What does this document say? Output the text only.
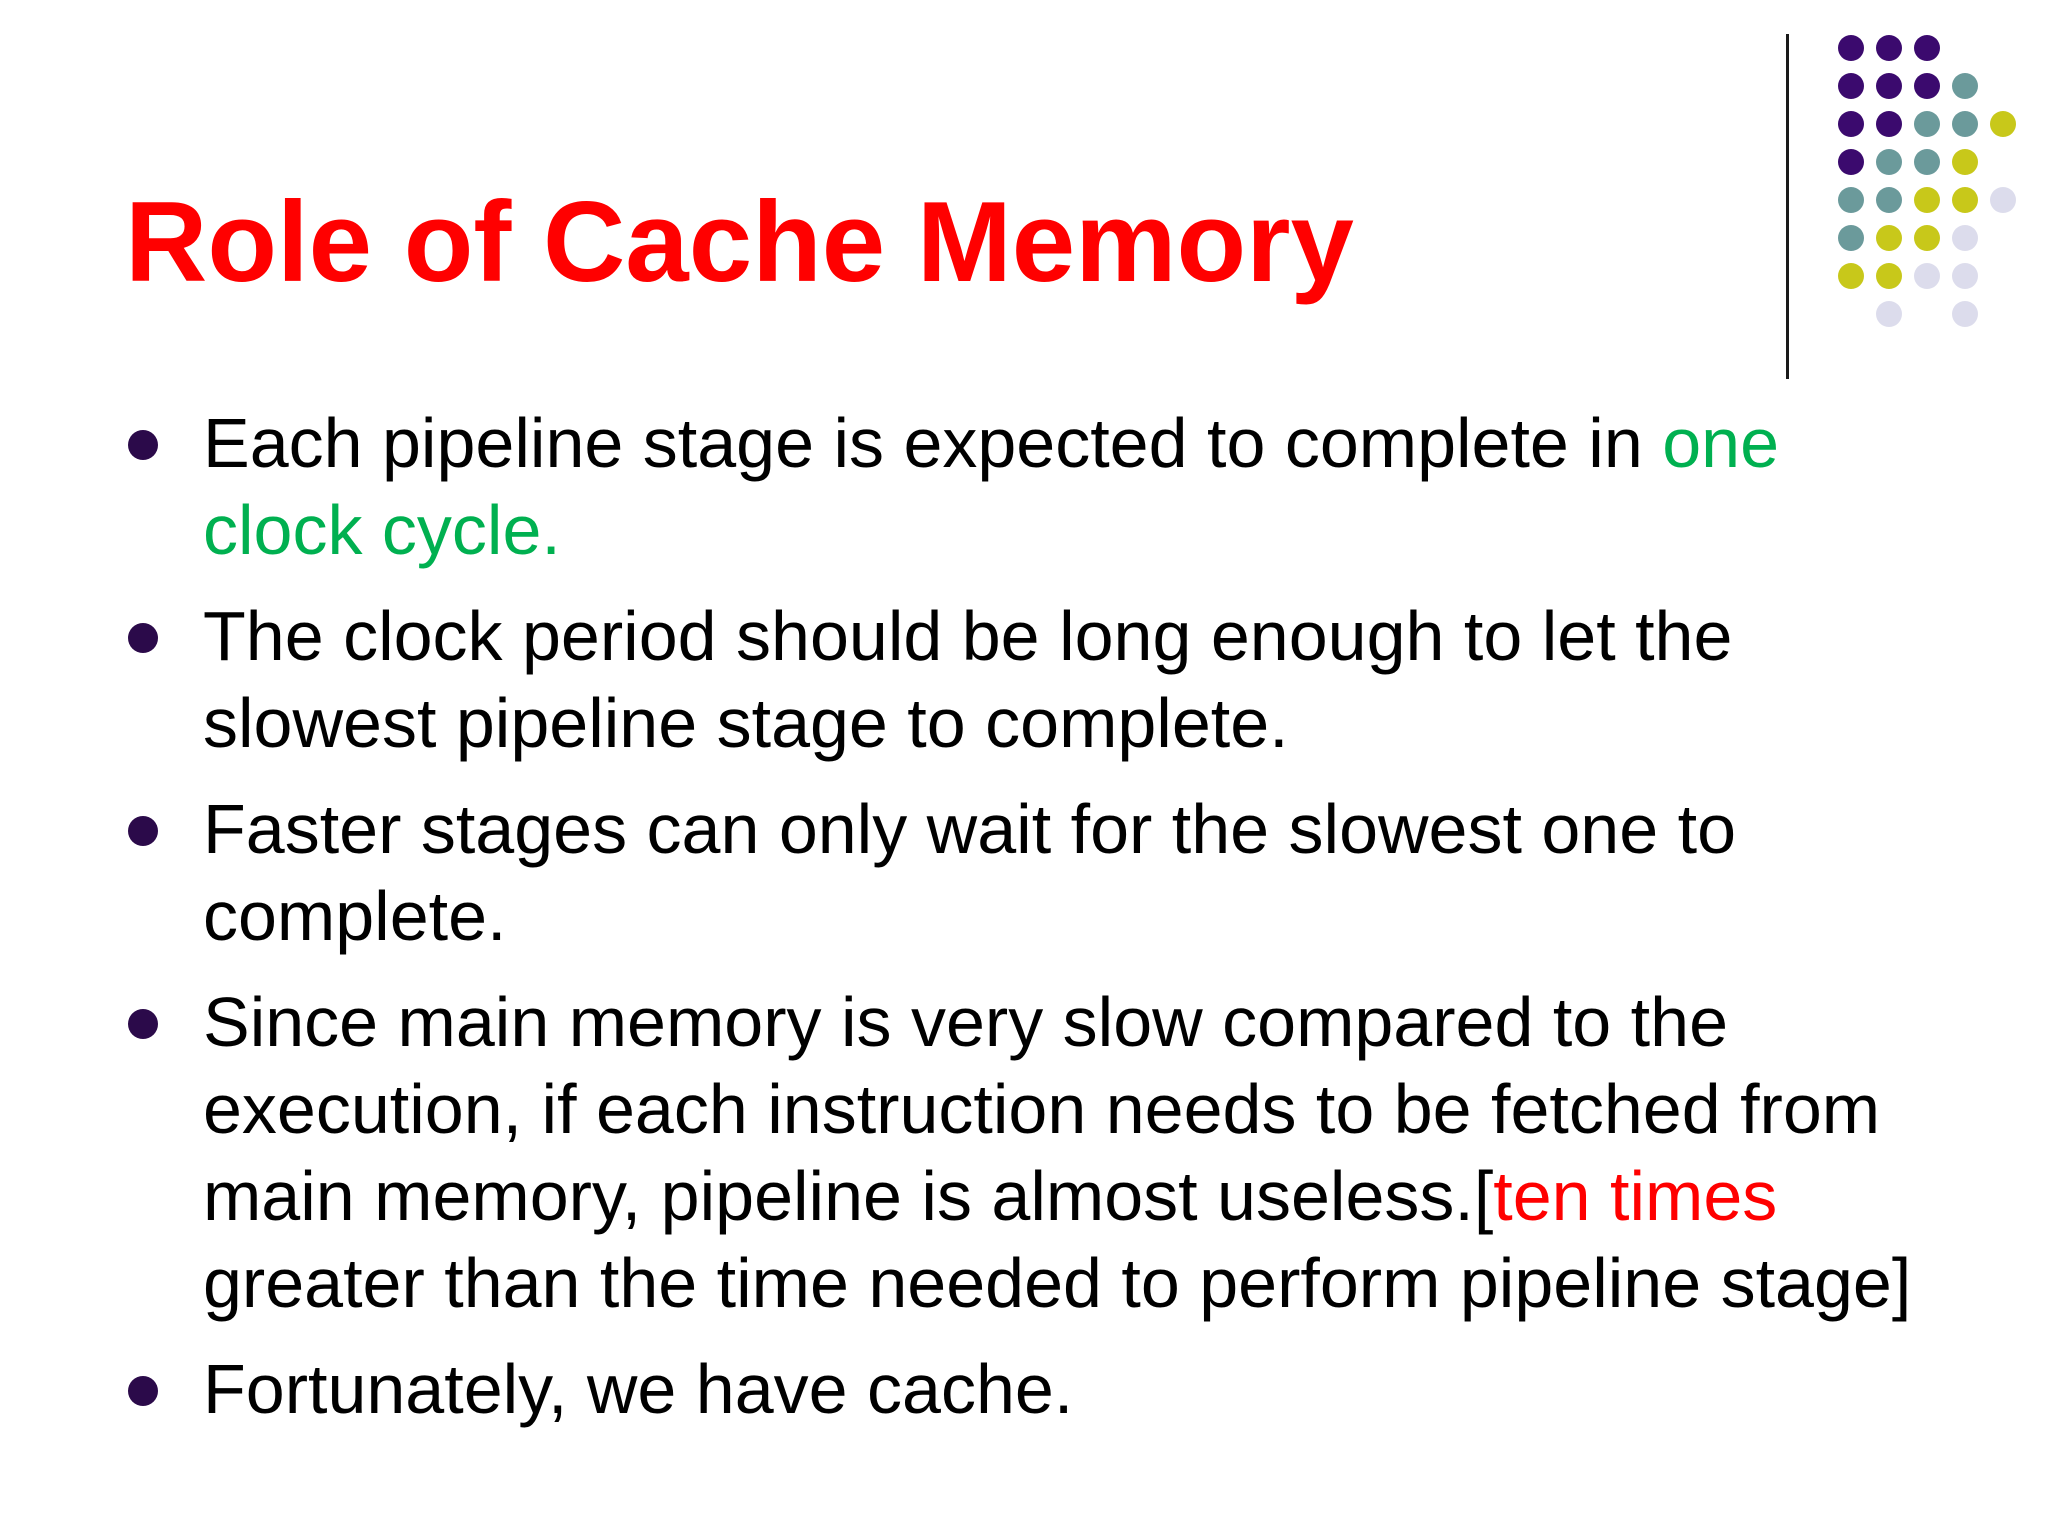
Role of Cache Memory
Each pipeline stage is expected to complete in one clock cycle.
The clock period should be long enough to let the slowest pipeline stage to complete.
Faster stages can only wait for the slowest one to complete.
Since main memory is very slow compared to the execution, if each instruction needs to be fetched from main memory, pipeline is almost useless.[ten times greater than the time needed to perform pipeline stage]
Fortunately, we have cache.
